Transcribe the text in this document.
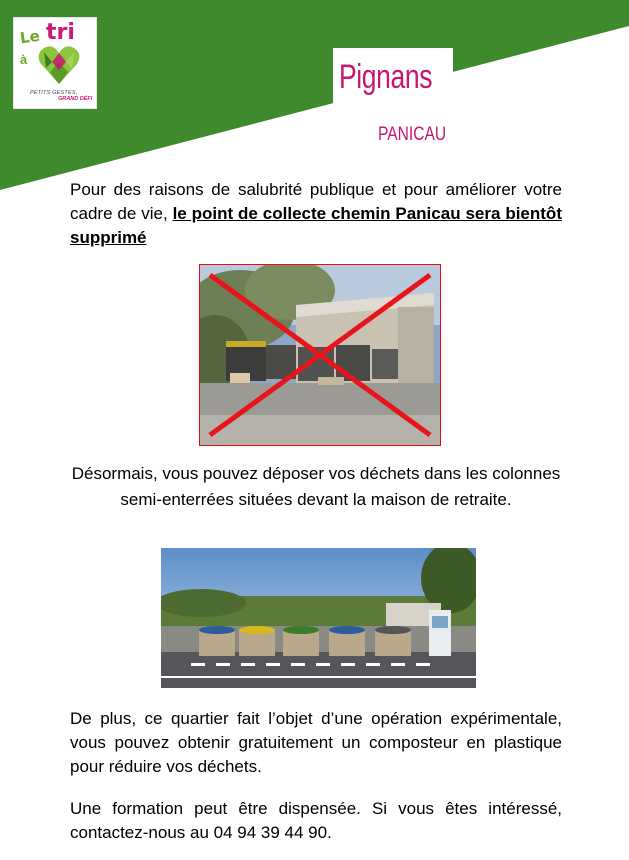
Le tri
à
PETITS GESTES,
GRAND DÉFI
Pignans
PANICAU

Pour des raisons de salubrité publique et pour améliorer votre cadre de vie, le point de collecte chemin Panicau sera bientôt supprimé

Désormais, vous pouvez déposer vos déchets dans les colonnes semi-enterrées situées devant la maison de retraite.

De plus, ce quartier fait l’objet d’une opération expérimentale, vous pouvez obtenir gratuitement un composteur en plastique pour réduire vos déchets.

Une formation peut être dispensée. Si vous êtes intéressé, contactez-nous au 04 94 39 44 90.
